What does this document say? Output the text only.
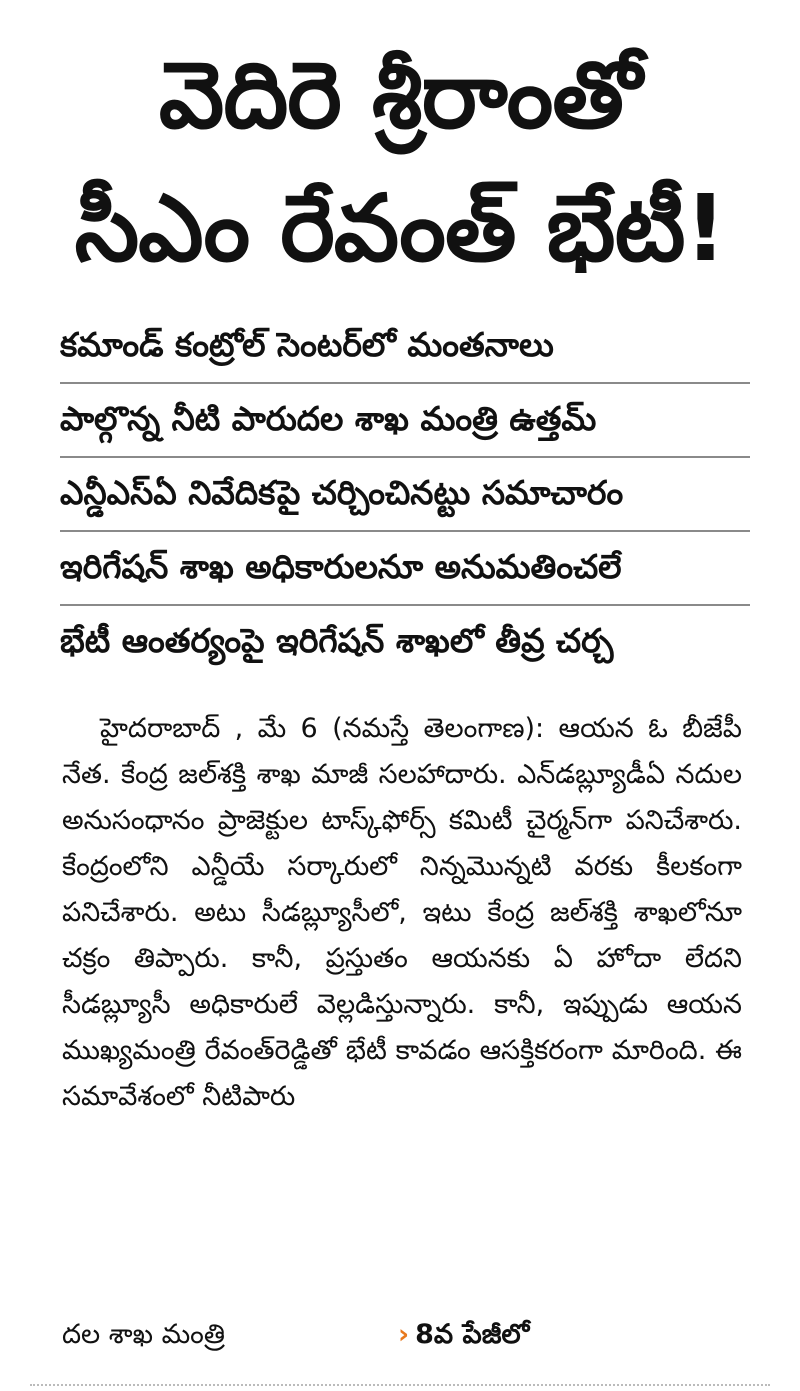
వెదిరె శ్రీరాంతో
సీఎం రేవంత్ భేటీ!
కమాండ్ కంట్రోల్ సెంటర్‌లో మంతనాలు
పాల్గొన్న నీటి పారుదల శాఖ మంత్రి ఉత్తమ్
ఎన్డీఎస్‌ఏ నివేదికపై చర్చించినట్టు సమాచారం
ఇరిగేషన్ శాఖ అధికారులనూ అనుమతించలే
భేటీ ఆంతర్యంపై ఇరిగేషన్ శాఖలో తీవ్ర చర్చ

హైదరాబాద్ , మే 6 (నమస్తే తెలంగాణ): ఆయన ఓ బీజేపీ నేత. కేంద్ర జల్‌శక్తి శాఖ మాజీ సలహాదారు. ఎన్‌డబ్ల్యూడీఏ నదుల అనుసంధానం ప్రాజెక్టుల టాస్క్‌ఫోర్స్ కమిటీ చైర్మన్‌గా పనిచేశారు. కేంద్రంలోని ఎన్డీయే సర్కారులో నిన్నమొన్నటి వరకు కీలకంగా పనిచేశారు. అటు సీడబ్ల్యూసీలో, ఇటు కేంద్ర జల్‌శక్తి శాఖలోనూ చక్రం తిప్పారు. కానీ, ప్రస్తుతం ఆయనకు ఏ హోదా లేదని సీడబ్ల్యూసీ అధికారులే వెల్లడిస్తున్నారు. కానీ, ఇప్పుడు ఆయన ముఖ్యమంత్రి రేవంత్‌రెడ్డితో భేటీ కావడం ఆసక్తికరంగా మారింది. ఈ సమావేశంలో నీటిపారు

దల శాఖ మంత్రి	› 8వ పేజీలో
